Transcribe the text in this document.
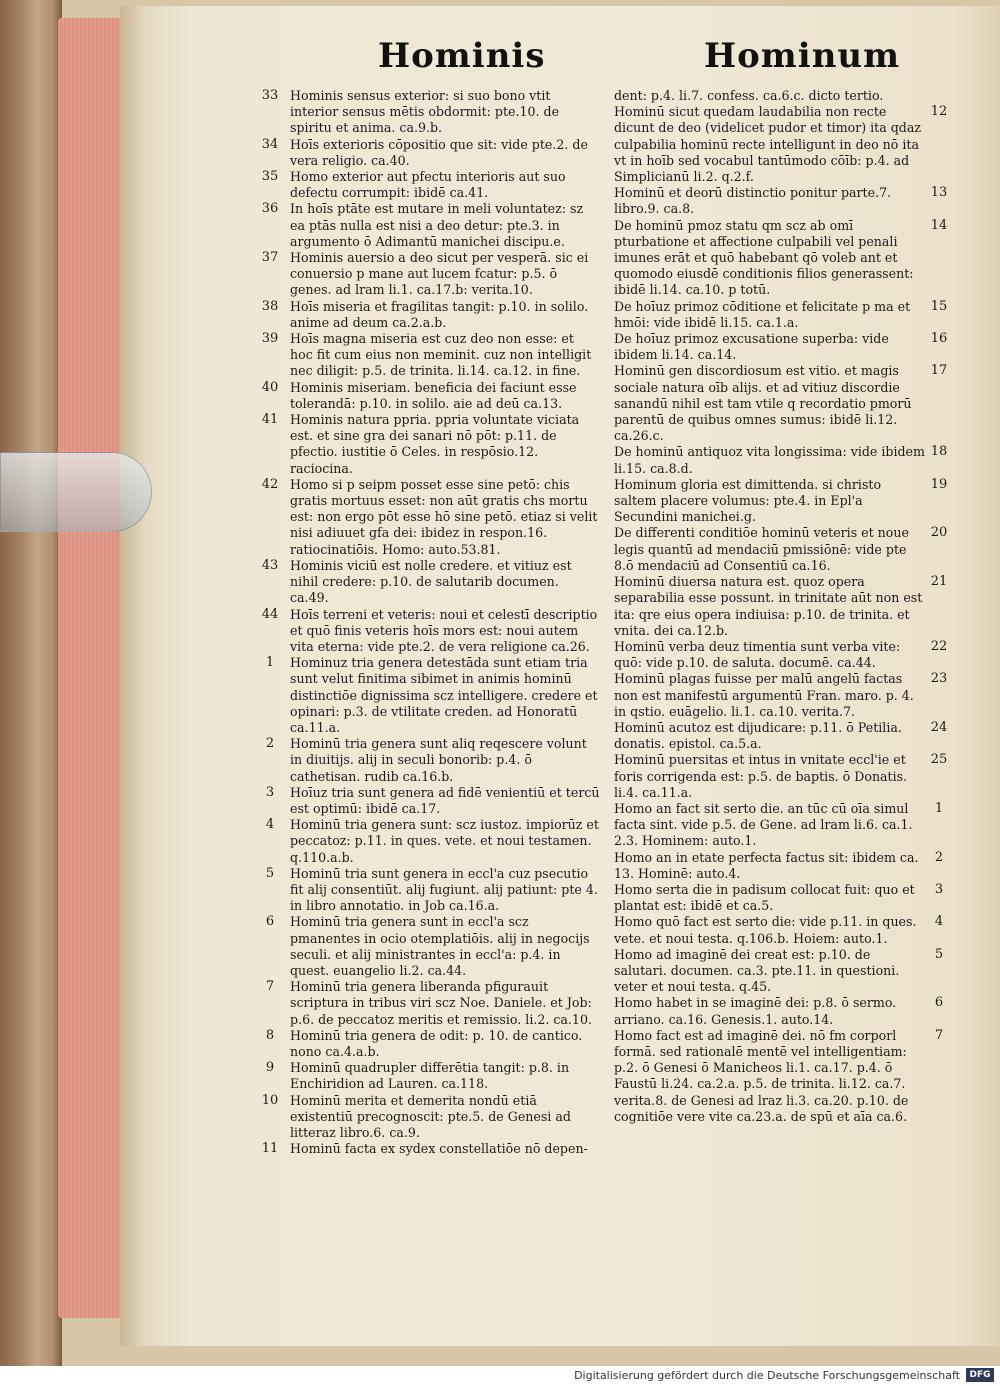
Hominis	Hominum
33 Hominis sensus exterior: si suo bono vtit interior sensus mētis obdormit: pte.10. de spiritu et anima. ca.9.b.
34 Hoīs exterioris cōpositio que sit: vide pte.2. de vera religio. ca.40.
35 Homo exterior aut pfectu interioris aut suo defectu corrumpit: ibidē ca.41.
36 In hoīs ptāte est mutare in meli voluntatez: sz ea ptās nulla est nisi a deo detur: pte.3. in argumento ō Adimantū manichei discipu.e.
37 Hominis auersio a deo sicut per vesperā. sic ei conuersio p mane aut lucem fcatur: p.5. ō genes. ad lram li.1. ca.17.b: verita.10.
38 Hoīs miseria et fragilitas tangit: p.10. in solilo. anime ad deum ca.2.a.b.
39 Hoīs magna miseria est cuz deo non esse: et hoc fit cum eius non meminit. cuz non intelligit nec diligit: p.5. de trinita. li.14. ca.12. in fine.
40 Hominis miseriam. beneficia dei faciunt esse tolerandā: p.10. in solilo. aie ad deū ca.13.
41 Hominis natura ppria. ppria voluntate viciata est. et sine gra dei sanari nō pōt: p.11. de pfectio. iustitie ō Celes. in respōsio.12. raciocina.
42 Homo si p seipm posset esse sine petō: chis gratis mortuus esset: non aūt gratis chs mortu est: non ergo pōt esse hō sine petō. etiaz si velit nisi adiuuet gfa dei: ibidez in respon.16. ratiocinatiōis. Homo: auto.53.81.
43 Hominis viciū est nolle credere. et vitiuz est nihil credere: p.10. de salutarib documen. ca.49.
44 Hoīs terreni et veteris: noui et celestī descriptio et quō finis veteris hoīs mors est: noui autem vita eterna: vide pte.2. de vera religione ca.26.
1	Hominuz tria genera detestāda sunt etiam tria sunt velut finitima sibimet in animis hominū distinctiōe dignissima scz intelligere. credere et opinari: p.3. de vtilitate creden. ad Honoratū ca.11.a.
2	Hominū tria genera sunt aliq reqescere volunt in diuitijs. alij in seculi bonorib: p.4. ō cathetisan. rudib ca.16.b.
3	Hoīuz tria sunt genera ad fidē venientiū et tercū est optimū: ibidē ca.17.
4	Hominū tria genera sunt: scz iustoz. impiorūz et peccatoz: p.11. in ques. vete. et noui testamen. q.110.a.b.
5	Hominū tria sunt genera in eccl'a cuz psecutio fit alij consentiūt. alij fugiunt. alij patiunt: pte 4. in libro annotatio. in Job ca.16.a.
6	Hominū tria genera sunt in eccl'a scz pmanentes in ocio otemplatiōis. alij in negocijs seculi. et alij ministrantes in eccl'a: p.4. in quest. euangelio li.2. ca.44.
7	Hominū tria genera liberanda pfigurauit scriptura in tribus viri scz Noe. Daniele. et Job: p.6. de peccatoz meritis et remissio. li.2. ca.10.
8	Hominū tria genera de odit: p. 10. de cantico. nono ca.4.a.b.
9	Hominū quadrupler differētia tangit: p.8. in Enchiridion ad Lauren. ca.118.
10 Hominū merita et demerita nondū etiā existentiū precognoscit: pte.5. de Genesi ad litteraz libro.6. ca.9.
11 Hominū facta ex sydex constellatiōe nō depen-
dent: p.4. li.7. confess. ca.6.c. dicto tertio.
12
Hominū sicut quedam laudabilia non recte dicunt de deo (videlicet pudor et timor) ita qdaz culpabilia hominū recte intelligunt in deo nō ita vt in hoīb sed vocabul tantūmodo cōīb: p.4. ad Simplicianū li.2. q.2.f.
13
Hominū et deorū distinctio ponitur parte.7. libro.9. ca.8.
14
De hominū pmoz statu qm scz ab omī pturbatione et affectione culpabili vel penali imunes erāt et quō habebant qō voleb ant et quomodo eiusdē conditionis filios generassent: ibidē li.14. ca.10. p totū.
15
De hoīuz primoz cōditione et felicitate p ma et hmōi: vide ibidē li.15. ca.1.a.
16
De hoīuz primoz excusatione superba: vide ibidem li.14. ca.14.
17
Hominū gen discordiosum est vitio. et magis sociale natura oīb alijs. et ad vitiuz discordie sanandū nihil est tam vtile q recordatio pmorū parentū de quibus omnes sumus: ibidē li.12. ca.26.c.
18
De hominū antiquoz vita longissima: vide ibidem li.15. ca.8.d.
19
Hominum gloria est dimittenda. si christo saltem placere volumus: pte.4. in Epl'a Secundini manichei.g.
20
De differenti conditiōe hominū veteris et noue legis quantū ad mendaciū pmissiōnē: vide pte 8.ō mendaciū ad Consentiū ca.16.
21
Hominū diuersa natura est. quoz opera separabilia esse possunt. in trinitate aūt non est ita: qre eius opera indiuisa: p.10. de trinita. et vnita. dei ca.12.b.
22
Hominū verba deuz timentia sunt verba vite: quō: vide p.10. de saluta. documē. ca.44.
23
Hominū plagas fuisse per malū angelū factas non est manifestū argumentū Fran. maro. p. 4. in qstio. euāgelio. li.1. ca.10. verita.7.
24
Hominū acutoz est dijudicare: p.11. ō Petilia. donatis. epistol. ca.5.a.
25
Hominū puersitas et intus in vnitate eccl'ie et foris corrigenda est: p.5. de baptis. ō Donatis. li.4. ca.11.a.
1
Homo an fact sit serto die. an tūc cū oīa simul facta sint. vide p.5. de Gene. ad lram li.6. ca.1. 2.3. Hominem: auto.1.
2
Homo an in etate perfecta factus sit: ibidem ca. 13. Hominē: auto.4.
3
Homo serta die in padisum collocat fuit: quo et plantat est: ibidē et ca.5.
4
Homo quō fact est serto die: vide p.11. in ques. vete. et noui testa. q.106.b. Hoiem: auto.1.
5
Homo ad imaginē dei creat est: p.10. de salutari. documen. ca.3. pte.11. in questioni. veter et noui testa. q.45.
6
Homo habet in se imaginē dei: p.8. ō sermo. arriano. ca.16. Genesis.1. auto.14.
7
Homo fact est ad imaginē dei. nō fm corporl formā. sed rationalē mentē vel intelligentiam: p.2. ō Genesi ō Manicheos li.1. ca.17. p.4. ō Faustū li.24. ca.2.a. p.5. de trinita. li.12. ca.7. verita.8. de Genesi ad lraz li.3. ca.20. p.10. de cognitiōe vere vite ca.23.a. de spū et aīa ca.6.
Digitalisierung gefördert durch die Deutsche Forschungsgemeinschaft	DFG
